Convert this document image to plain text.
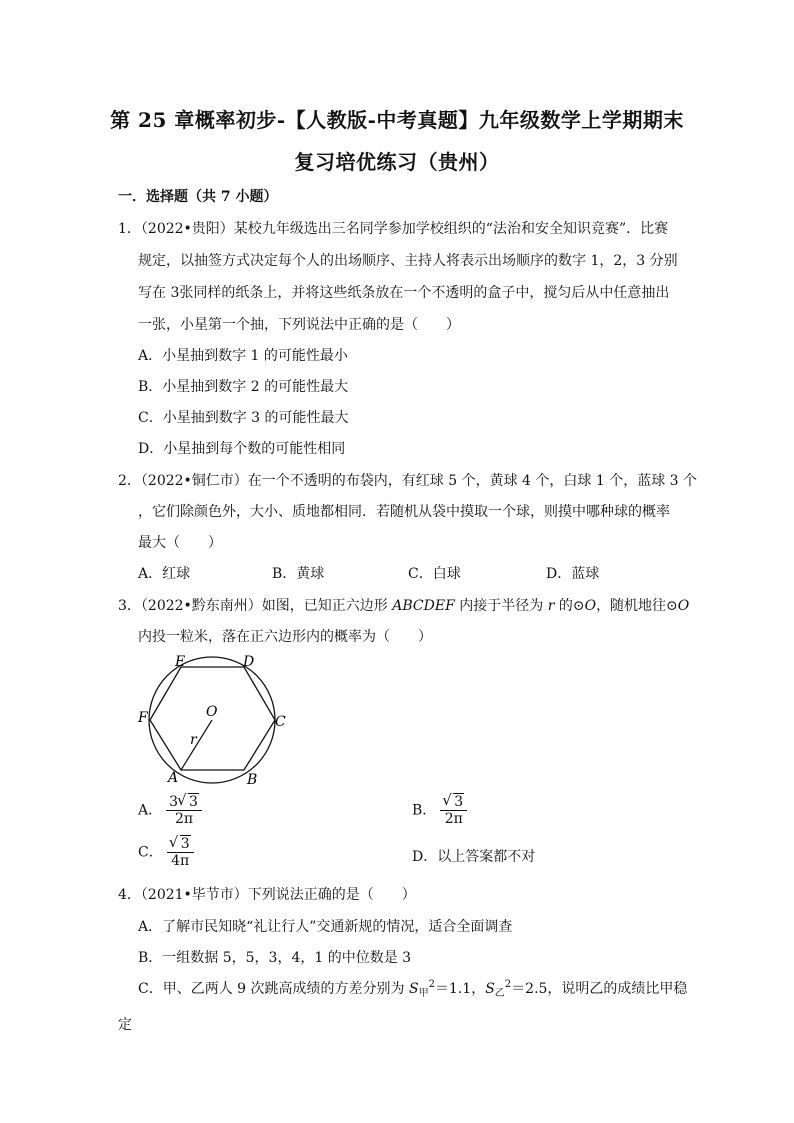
第 25 章概率初步-【人教版-中考真题】九年级数学上学期期末
复习培优练习（贵州）
一．选择题（共 7 小题）
1．（2022•贵阳）某校九年级选出三名同学参加学校组织的“法治和安全知识竞赛”．比赛
规定，以抽签方式决定每个人的出场顺序、主持人将表示出场顺序的数字 1，2，3 分别
写在 3张同样的纸条上，并将这些纸条放在一个不透明的盒子中，搅匀后从中任意抽出
一张，小星第一个抽，下列说法中正确的是（　　）
A．小星抽到数字 1 的可能性最小
B．小星抽到数字 2 的可能性最大
C．小星抽到数字 3 的可能性最大
D．小星抽到每个数的可能性相同
2．（2022•铜仁市）在一个不透明的布袋内，有红球 5 个，黄球 4 个，白球 1 个，蓝球 3 个
，它们除颜色外，大小、质地都相同．若随机从袋中摸取一个球，则摸中哪种球的概率
最大（　　）
A．红球	B．黄球	C．白球	D．蓝球
3．（2022•黔东南州）如图，已知正六边形 ABCDEF 内接于半径为 r 的⊙O，随机地往⊙O
内投一粒米，落在正六边形内的概率为（　　）
E	D
F	O
C
r
A	B
A． $\frac{3 √ 3}{2\pi}$	B． √ $\frac{3}{2\pi}$
C． √ $\frac{3}{4\pi}$	D．以上答案都不对
4．（2021•毕节市）下列说法正确的是（　　）
A．了解市民知晓“礼让行人”交通新规的情况，适合全面调查
B．一组数据 5，5，3，4，1 的中位数是 3
C．甲、乙两人 9 次跳高成绩的方差分别为 $S_甲^2=1.1$，$S_乙^2=2.5$，说明乙的成绩比甲稳
定
